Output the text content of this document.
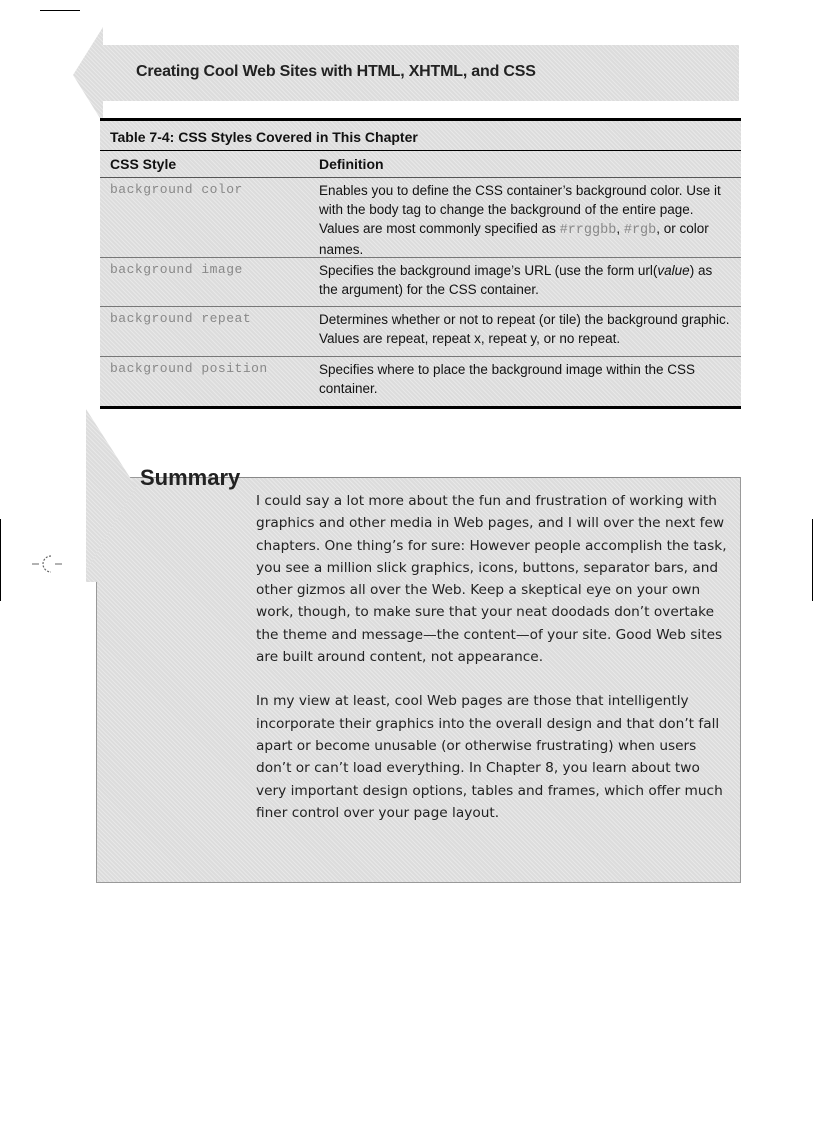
Creating Cool Web Sites with HTML, XHTML, and CSS
Table 7-4: CSS Styles Covered in This Chapter
CSS Style	Definition
background color	Enables you to define the CSS container’s background color. Use it with the body tag to change the background of the entire page. Values are most commonly specified as #rrggbb, #rgb, or color names.
background image	Specifies the background image’s URL (use the form url(value) as the argument) for the CSS container.
background repeat	Determines whether or not to repeat (or tile) the background graphic. Values are repeat, repeat x, repeat y, or no repeat.
background position	Specifies where to place the background image within the CSS container.
Summary

I could say a lot more about the fun and frustration of working with graphics and other media in Web pages, and I will over the next few chapters. One thing’s for sure: However people accomplish the task, you see a million slick graphics, icons, buttons, separator bars, and other gizmos all over the Web. Keep a skeptical eye on your own work, though, to make sure that your neat doodads don’t overtake the theme and message—the content—of your site. Good Web sites are built around content, not appearance.

In my view at least, cool Web pages are those that intelligently incorporate their graphics into the overall design and that don’t fall apart or become unusable (or otherwise frustrating) when users don’t or can’t load everything. In Chapter 8, you learn about two very important design options, tables and frames, which offer much finer control over your page layout.
